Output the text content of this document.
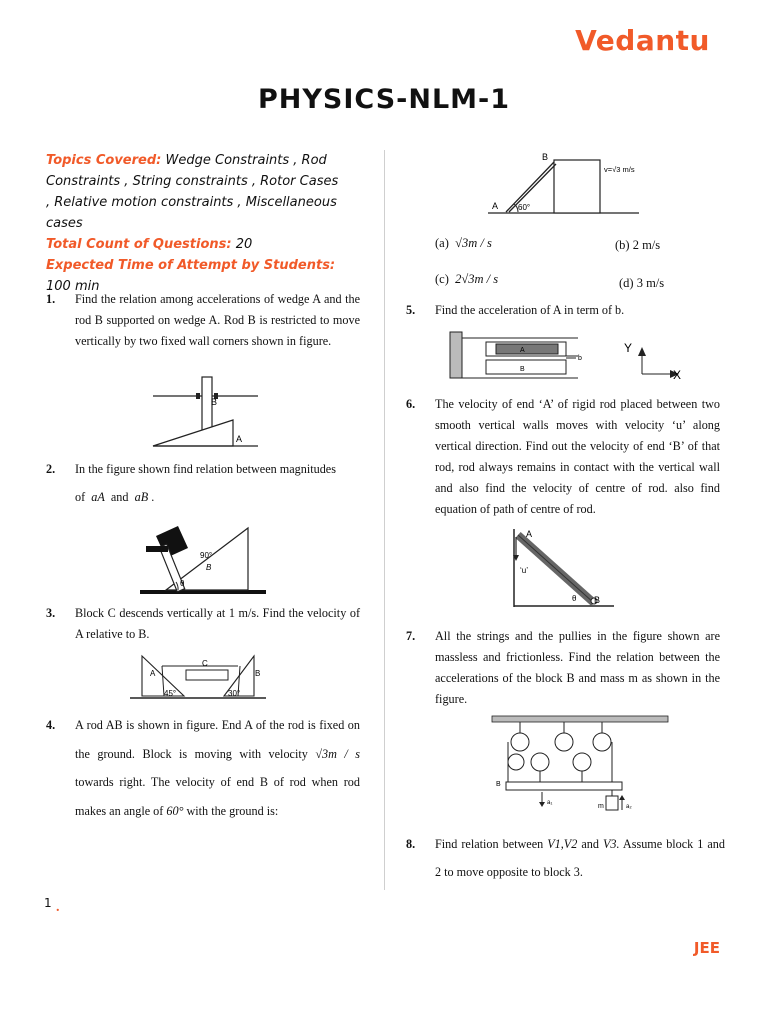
Vedantu
PHYSICS-NLM-1
Topics Covered: Wedge Constraints , Rod Constraints , String constraints , Rotor Cases , Relative motion constraints , Miscellaneous cases
Total Count of Questions: 20
Expected Time of Attempt by Students: 100 min
1. Find the relation among accelerations of wedge A and the rod B supported on wedge A. Rod B is restricted to move vertically by two fixed wall corners shown in figure.
B
A
2. In the figure shown find relation between magnitudes
of aA and aB .
90°
B
θ
3. Block C descends vertically at 1 m/s. Find the velocity of A relative to B.
C
A	B
45°	30°
4. A rod AB is shown in figure. End A of the rod is fixed on the ground. Block is moving with velocity √3m / s towards right. The velocity of end B of rod when rod makes an angle of 60° with the ground is:
B
A 60°
v=√3 m/s
(a) √3m / s	(b) 2 m/s
(c) 2√3m / s	(d) 3 m/s
5. Find the acceleration of A in term of b.
A
B
b
Y
X
6. The velocity of end ‘A’ of rigid rod placed between two smooth vertical walls moves with velocity ‘u’ along vertical direction. Find out the velocity of end ‘B’ of that rod, rod always remains in contact with the vertical wall and also find the velocity of centre of rod. also find equation of path of centre of rod.
A
‘u’
θ B
7. All the strings and the pullies in the figure shown are massless and frictionless. Find the relation between the accelerations of the block B and mass m as shown in the figure.
B
a₁	m	a₂
8. Find relation between V1,V2 and V3. Assume block 1 and 2 to move opposite to block 3.
1 .
JEE
